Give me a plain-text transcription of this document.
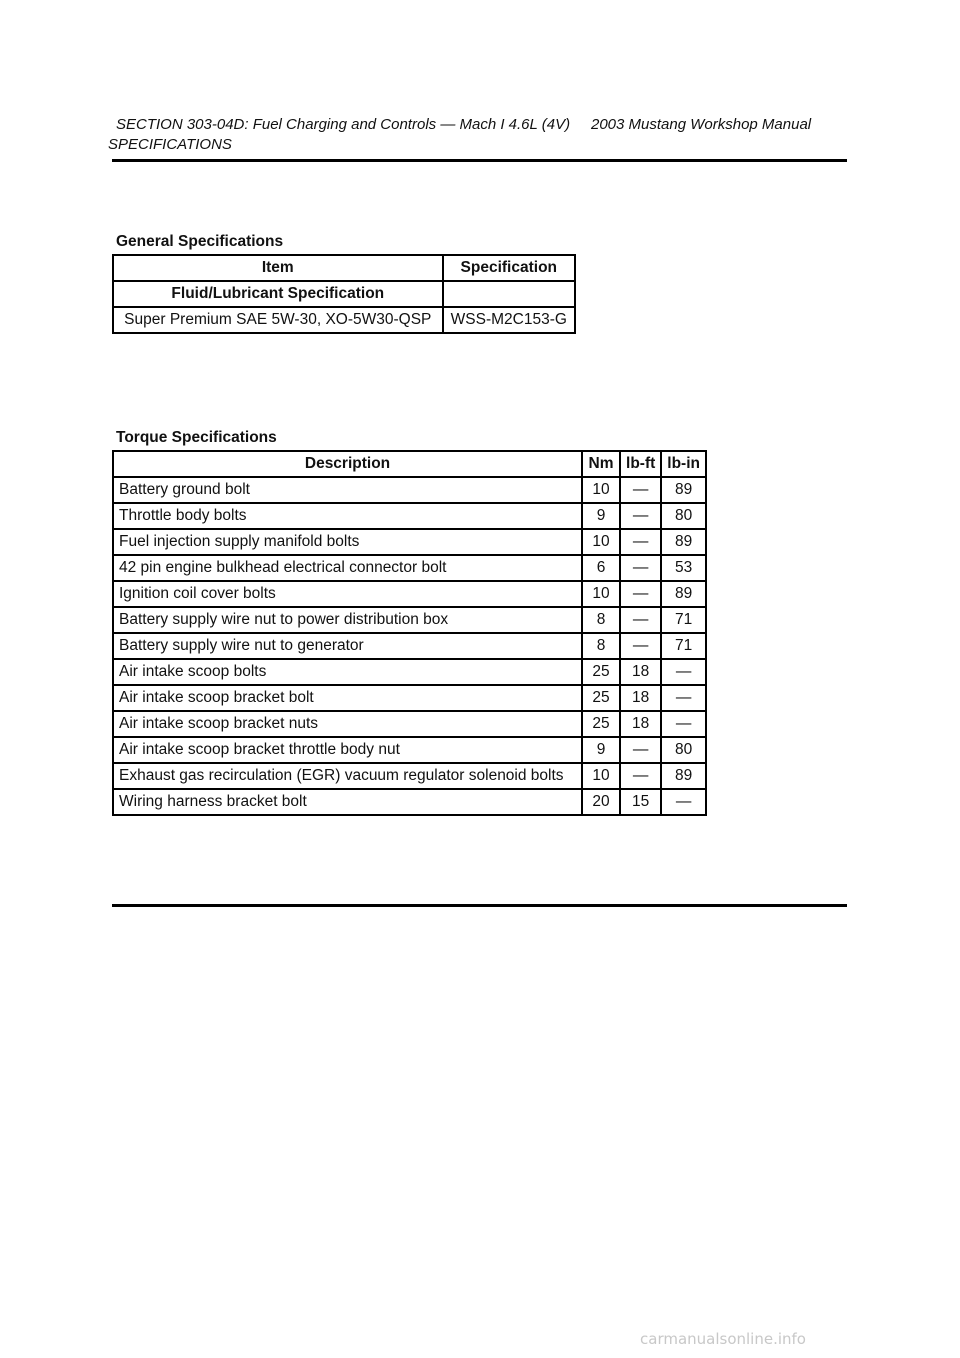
SECTION 303-04D: Fuel Charging and Controls — Mach I 4.6L (4V) 2003 Mustang Workshop Manual
SPECIFICATIONS
General Specifications
Item	Specification
Fluid/Lubricant Specification	
Super Premium SAE 5W-30, XO-5W30-QSP	WSS-M2C153-G
Torque Specifications
Description	Nm	lb-ft	lb-in
Battery ground bolt	10	—	89
Throttle body bolts	9	—	80
Fuel injection supply manifold bolts	10	—	89
42 pin engine bulkhead electrical connector bolt	6	—	53
Ignition coil cover bolts	10	—	89
Battery supply wire nut to power distribution box	8	—	71
Battery supply wire nut to generator	8	—	71
Air intake scoop bolts	25	18	—
Air intake scoop bracket bolt	25	18	—
Air intake scoop bracket nuts	25	18	—
Air intake scoop bracket throttle body nut	9	—	80
Exhaust gas recirculation (EGR) vacuum regulator solenoid bolts	10	—	89
Wiring harness bracket bolt	20	15	—
carmanualsonline.info
